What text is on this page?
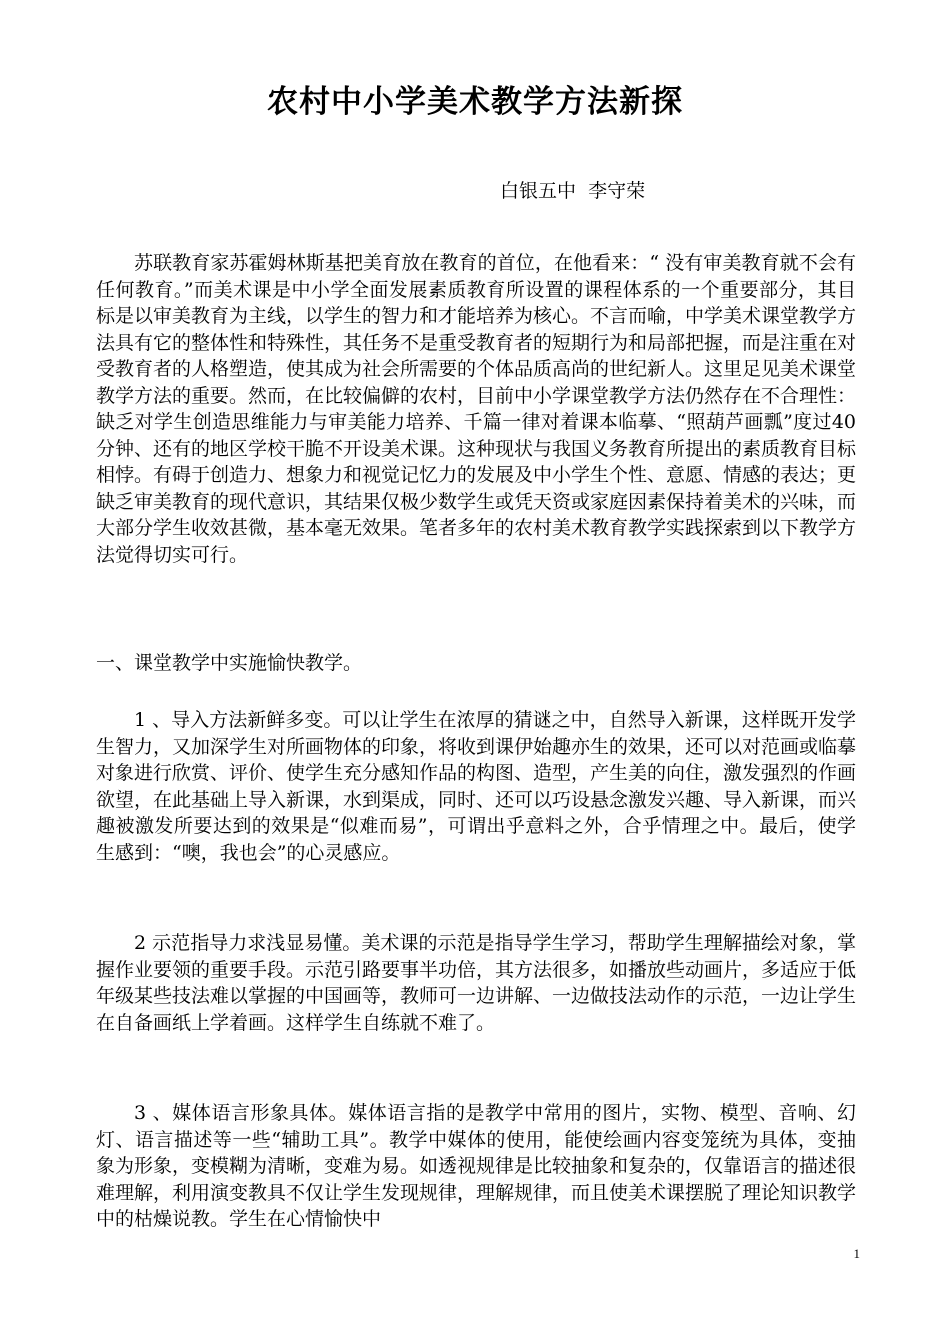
农村中小学美术教学方法新探
白银五中  李守荣

苏联教育家苏霍姆林斯基把美育放在教育的首位，在他看来：“ 没有审美教育就不会有任何教育。”而美术课是中小学全面发展素质教育所设置的课程体系的一个重要部分，其目标是以审美教育为主线，以学生的智力和才能培养为核心。不言而喻，中学美术课堂教学方法具有它的整体性和特殊性，其任务不是重受教育者的短期行为和局部把握，而是注重在对受教育者的人格塑造，使其成为社会所需要的个体品质高尚的世纪新人。这里足见美术课堂教学方法的重要。然而，在比较偏僻的农村，目前中小学课堂教学方法仍然存在不合理性：缺乏对学生创造思维能力与审美能力培养、千篇一律对着课本临摹、“照葫芦画瓢”度过40分钟、还有的地区学校干脆不开设美术课。这种现状与我国义务教育所提出的素质教育目标相悖。有碍于创造力、想象力和视觉记忆力的发展及中小学生个性、意愿、情感的表达；更缺乏审美教育的现代意识，其结果仅极少数学生或凭天资或家庭因素保持着美术的兴味，而大部分学生收效甚微，基本毫无效果。笔者多年的农村美术教育教学实践探索到以下教学方法觉得切实可行。

一、课堂教学中实施愉快教学。

1 、导入方法新鲜多变。可以让学生在浓厚的猜谜之中，自然导入新课，这样既开发学生智力，又加深学生对所画物体的印象，将收到课伊始趣亦生的效果，还可以对范画或临摹对象进行欣赏、评价、使学生充分感知作品的构图、造型，产生美的向住，激发强烈的作画欲望，在此基础上导入新课，水到渠成，同时、还可以巧设悬念激发兴趣、导入新课，而兴趣被激发所要达到的效果是“似难而易”，可谓出乎意料之外，合乎情理之中。最后，使学生感到：“噢，我也会”的心灵感应。

2 示范指导力求浅显易懂。美术课的示范是指导学生学习，帮助学生理解描绘对象，掌握作业要领的重要手段。示范引路要事半功倍，其方法很多，如播放些动画片，多适应于低年级某些技法难以掌握的中国画等，教师可一边讲解、一边做技法动作的示范，一边让学生在自备画纸上学着画。这样学生自练就不难了。

3 、媒体语言形象具体。媒体语言指的是教学中常用的图片，实物、模型、音响、幻灯、语言描述等一些“辅助工具”。教学中媒体的使用，能使绘画内容变笼统为具体，变抽象为形象，变模糊为清晰，变难为易。如透视规律是比较抽象和复杂的，仅靠语言的描述很难理解，利用演变教具不仅让学生发现规律，理解规律，而且使美术课摆脱了理论知识教学中的枯燥说教。学生在心情愉快中

1
